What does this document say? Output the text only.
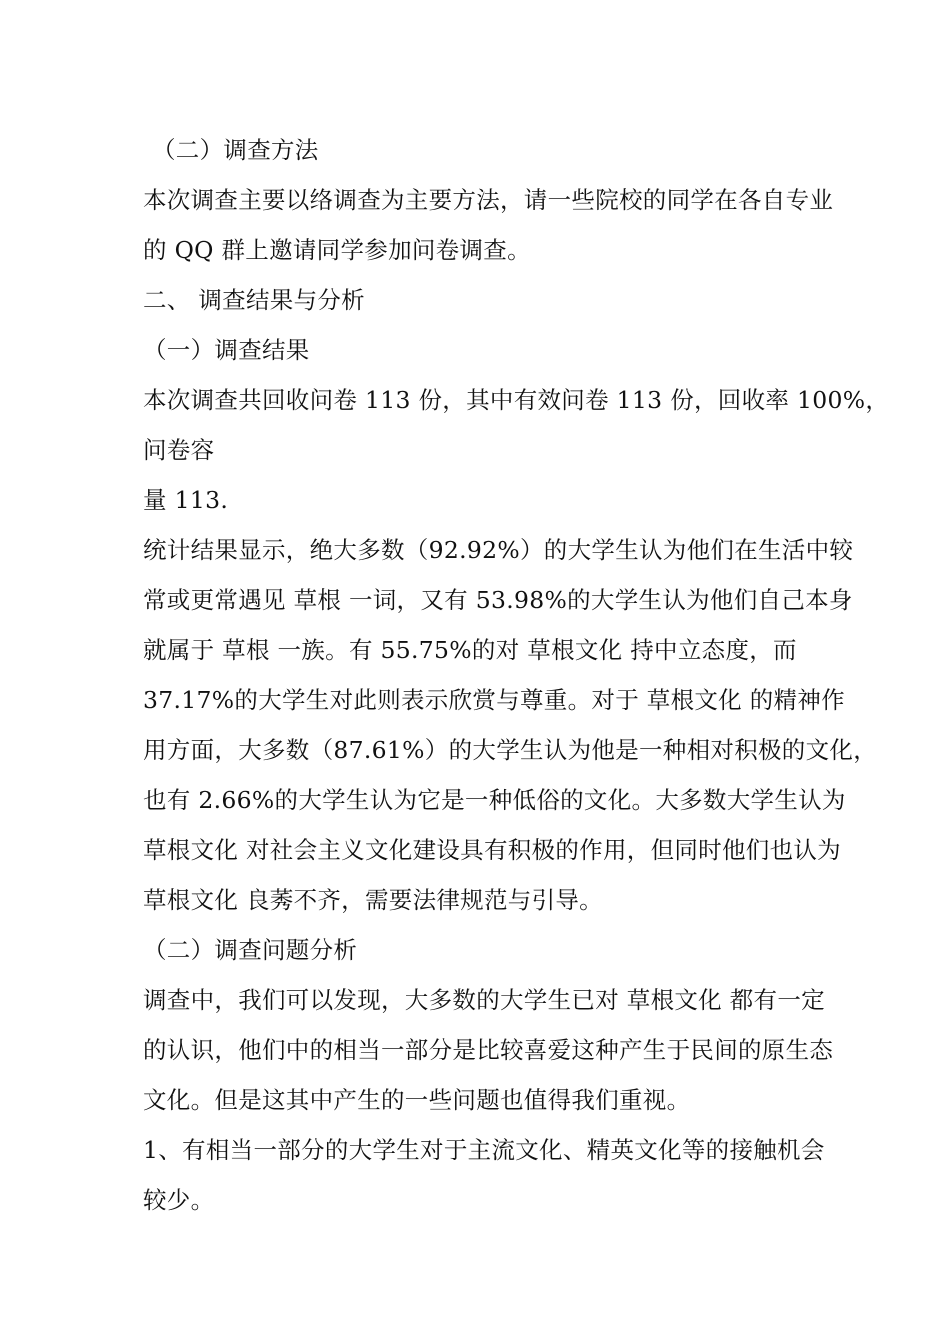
（二）调查方法
本次调查主要以络调查为主要方法，请一些院校的同学在各自专业
的 QQ 群上邀请同学参加问卷调查。
二、 调查结果与分析
（一）调查结果
本次调查共回收问卷 113 份，其中有效问卷 113 份，回收率 100%，
问卷容
量 113.
统计结果显示，绝大多数（92.92%）的大学生认为他们在生活中较
常或更常遇见 草根 一词，又有 53.98%的大学生认为他们自己本身
就属于 草根 一族。有 55.75%的对 草根文化 持中立态度，而
37.17%的大学生对此则表示欣赏与尊重。对于 草根文化 的精神作
用方面，大多数（87.61%）的大学生认为他是一种相对积极的文化，
也有 2.66%的大学生认为它是一种低俗的文化。大多数大学生认为
草根文化 对社会主义文化建设具有积极的作用，但同时他们也认为
草根文化 良莠不齐，需要法律规范与引导。
（二）调查问题分析
调查中，我们可以发现，大多数的大学生已对 草根文化 都有一定
的认识，他们中的相当一部分是比较喜爱这种产生于民间的原生态
文化。但是这其中产生的一些问题也值得我们重视。
1、有相当一部分的大学生对于主流文化、精英文化等的接触机会
较少。
